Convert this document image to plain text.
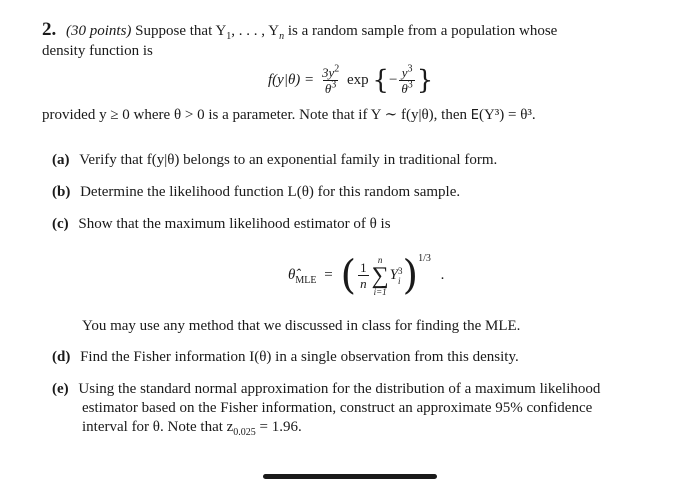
2. (30 points) Suppose that $Y_1$, . . . , $Y_n$ is a random sample from a population whose
density function is
$f(y|\theta) = \frac{3y^2}{\theta^3}$ exp {− $\frac{y^3}{\theta^3}$ }
provided y ≥ 0 where θ > 0 is a parameter. Note that if Y ∼ f(y|θ), then E(Y³) = θ³.
(a) Verify that f(y|θ) belongs to an exponential family in traditional form.
(b) Determine the likelihood function L(θ) for this random sample.
(c) Show that the maximum likelihood estimator of θ is
$\thetâ_{MLE}$ = ( $\frac{1}{n}$
n
∑
i=1
Y 3
i )$^{1/3}$ .
You may use any method that we discussed in class for finding the MLE.
(d) Find the Fisher information I(θ) in a single observation from this density.
(e) Using the standard normal approximation for the distribution of a maximum likelihood
estimator based on the Fisher information, construct an approximate 95% confidence
interval for θ. Note that $z_{0.025} = 1.96$.
